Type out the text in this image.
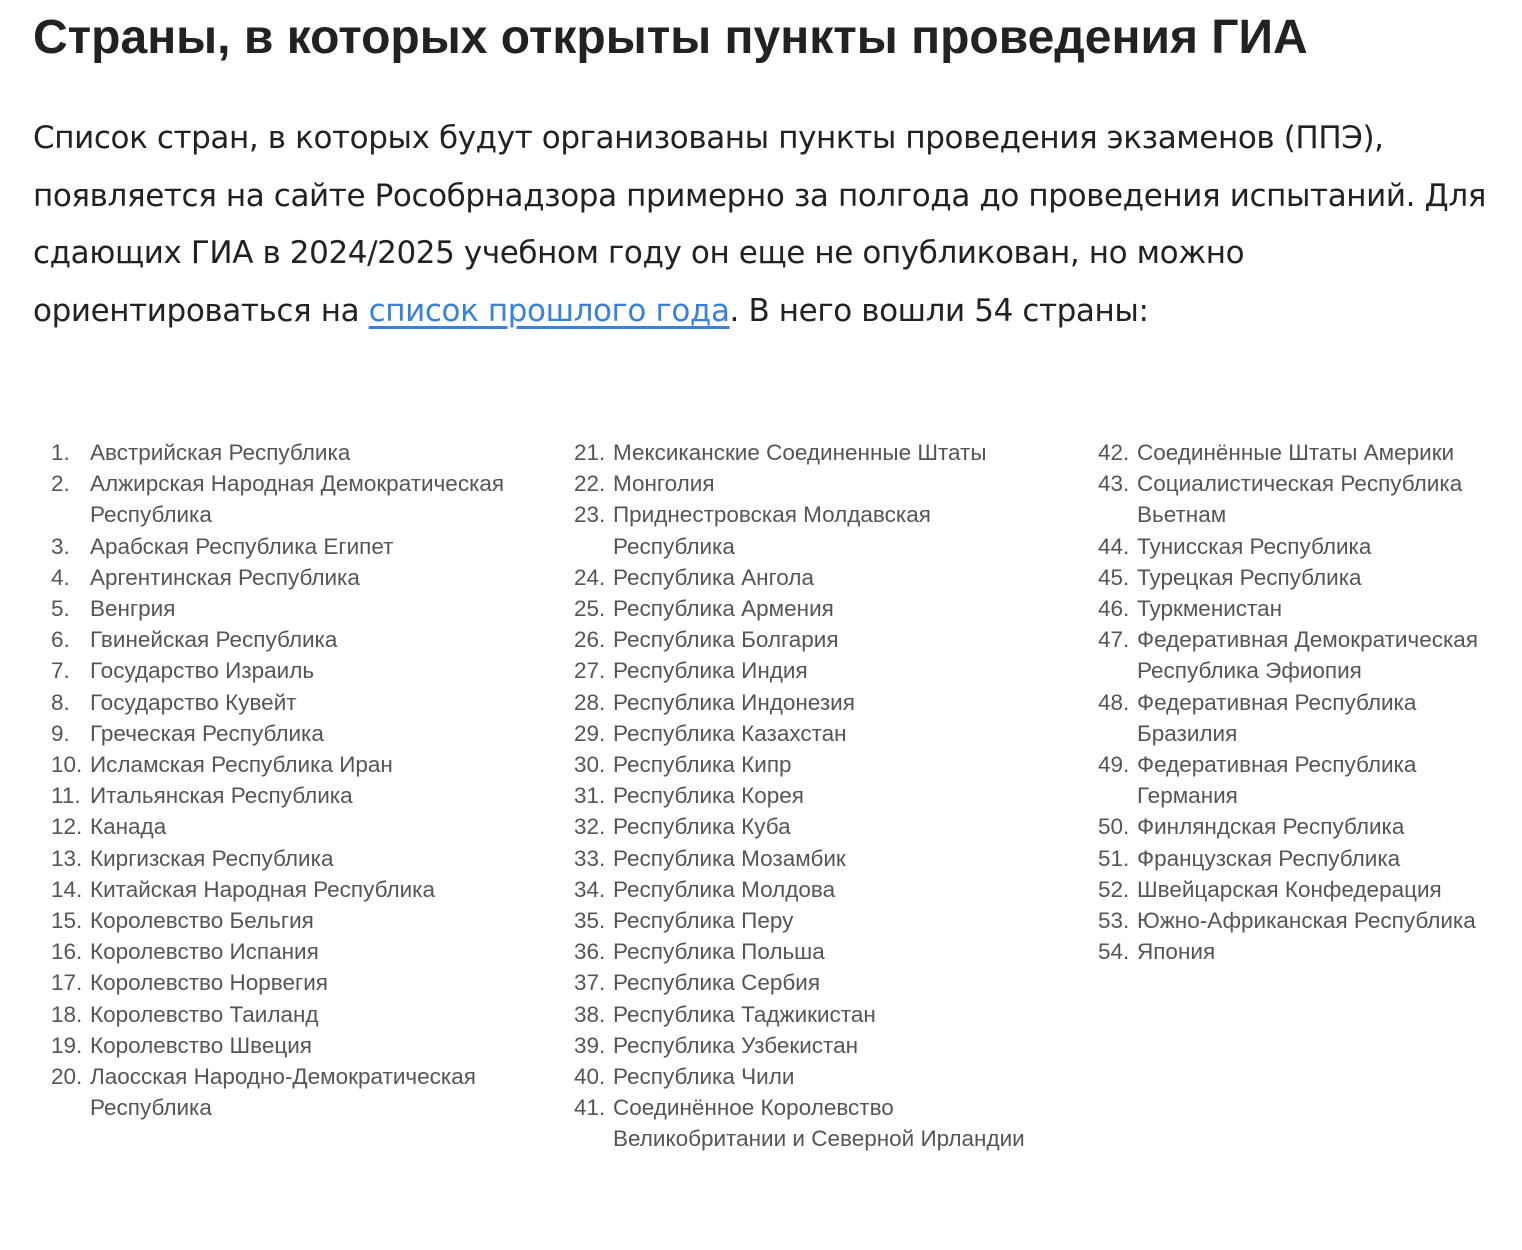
Страны, в которых открыты пункты проведения ГИА

Список стран, в которых будут организованы пункты проведения экзаменов (ППЭ), появляется на сайте Рособрнадзора примерно за полгода до проведения испытаний. Для сдающих ГИА в 2024/2025 учебном году он еще не опубликован, но можно ориентироваться на список прошлого года. В него вошли 54 страны:

1. Австрийская Республика
2. Алжирская Народная Демократическая Республика
3. Арабская Республика Египет
4. Аргентинская Республика
5. Венгрия
6. Гвинейская Республика
7. Государство Израиль
8. Государство Кувейт
9. Греческая Республика
10. Исламская Республика Иран
11. Итальянская Республика
12. Канада
13. Киргизская Республика
14. Китайская Народная Республика
15. Королевство Бельгия
16. Королевство Испания
17. Королевство Норвегия
18. Королевство Таиланд
19. Королевство Швеция
20. Лаосская Народно-Демократическая Республика
21. Мексиканские Соединенные Штаты
22. Монголия
23. Приднестровская Молдавская Республика
24. Республика Ангола
25. Республика Армения
26. Республика Болгария
27. Республика Индия
28. Республика Индонезия
29. Республика Казахстан
30. Республика Кипр
31. Республика Корея
32. Республика Куба
33. Республика Мозамбик
34. Республика Молдова
35. Республика Перу
36. Республика Польша
37. Республика Сербия
38. Республика Таджикистан
39. Республика Узбекистан
40. Республика Чили
41. Соединённое Королевство Великобритании и Северной Ирландии
42. Соединённые Штаты Америки
43. Социалистическая Республика Вьетнам
44. Тунисская Республика
45. Турецкая Республика
46. Туркменистан
47. Федеративная Демократическая Республика Эфиопия
48. Федеративная Республика Бразилия
49. Федеративная Республика Германия
50. Финляндская Республика
51. Французская Республика
52. Швейцарская Конфедерация
53. Южно-Африканская Республика
54. Япония
